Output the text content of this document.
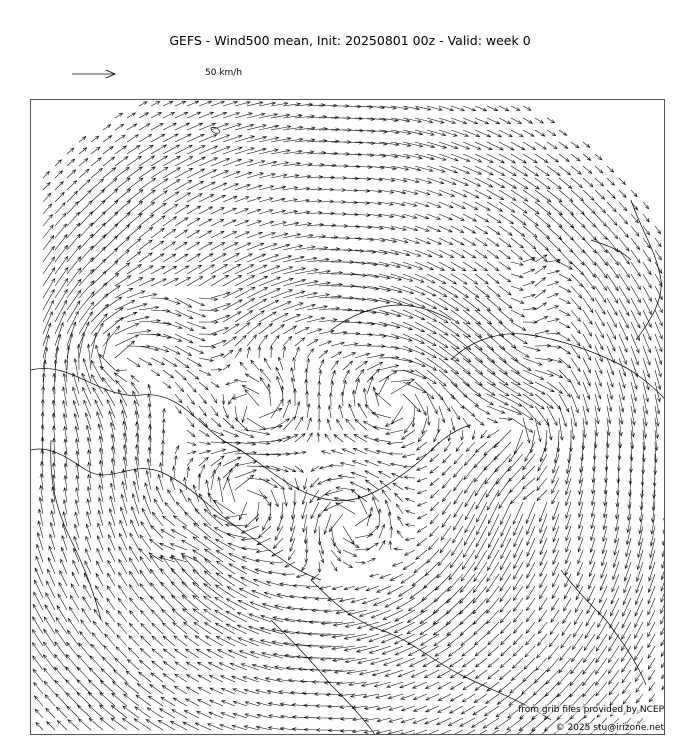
GEFS - Wind500 mean, Init: 20250801 00z - Valid: week 0
50 km/h
from grib files provided by NCEP
© 2025 stu@irizone.net
